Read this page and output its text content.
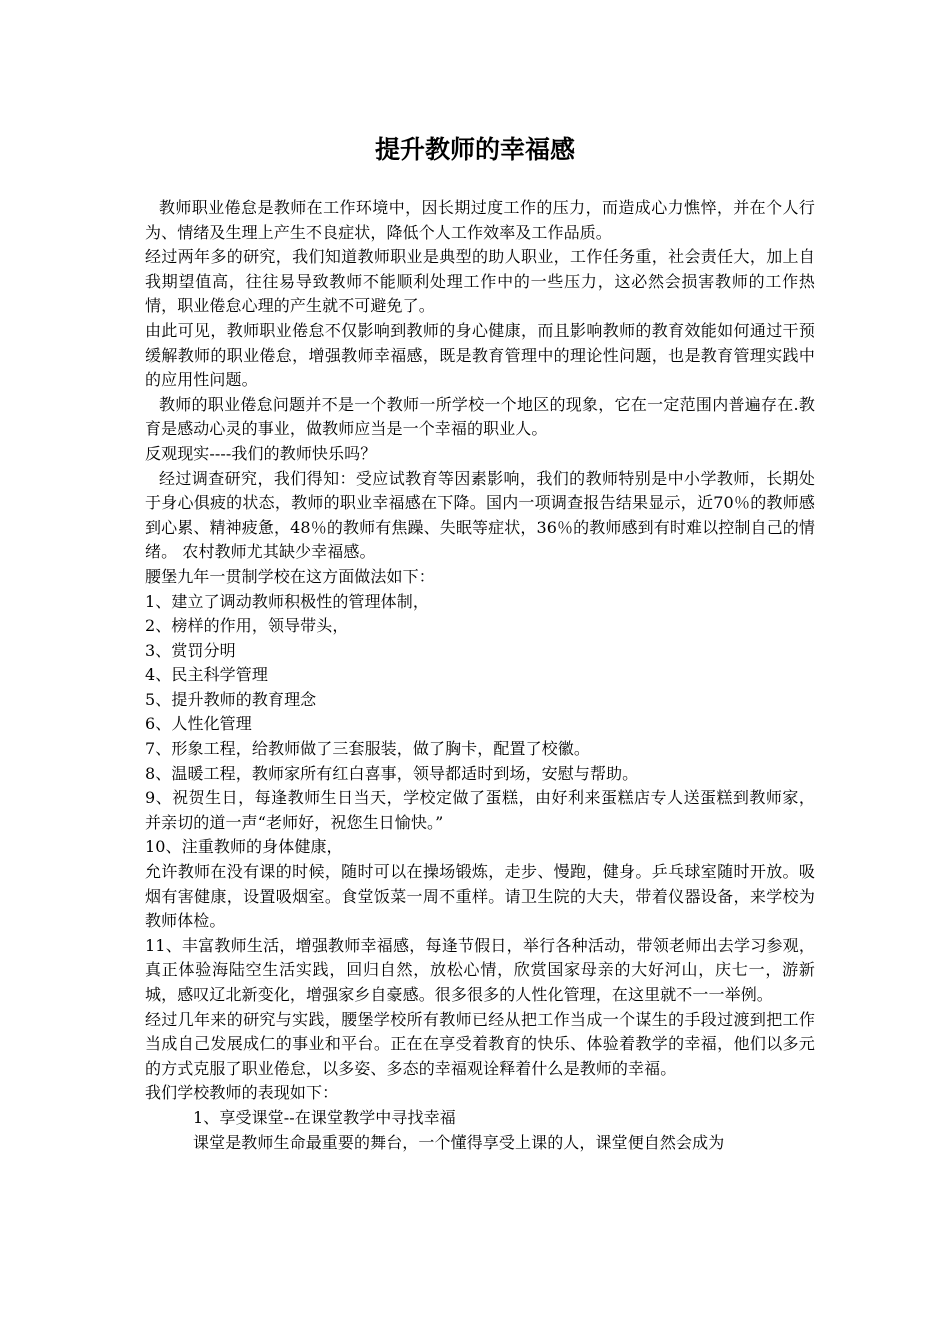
提升教师的幸福感

教师职业倦怠是教师在工作环境中，因长期过度工作的压力，而造成心力憔悴，并在个人行为、情绪及生理上产生不良症状，降低个人工作效率及工作品质。

经过两年多的研究，我们知道教师职业是典型的助人职业，工作任务重，社会责任大，加上自我期望值高，往往易导致教师不能顺利处理工作中的一些压力，这必然会损害教师的工作热情，职业倦怠心理的产生就不可避免了。

由此可见，教师职业倦怠不仅影响到教师的身心健康，而且影响教师的教育效能如何通过干预缓解教师的职业倦怠，增强教师幸福感，既是教育管理中的理论性问题，也是教育管理实践中的应用性问题。

教师的职业倦怠问题并不是一个教师一所学校一个地区的现象，它在一定范围内普遍存在.教育是感动心灵的事业，做教师应当是一个幸福的职业人。

反观现实----我们的教师快乐吗？

经过调查研究，我们得知：受应试教育等因素影响，我们的教师特别是中小学教师，长期处于身心俱疲的状态，教师的职业幸福感在下降。国内一项调查报告结果显示，近70％的教师感到心累、精神疲惫，48％的教师有焦躁、失眠等症状，36％的教师感到有时难以控制自己的情绪。 农村教师尤其缺少幸福感。

腰堡九年一贯制学校在这方面做法如下：

1、建立了调动教师积极性的管理体制，

2、榜样的作用，领导带头，

3、赏罚分明

4、民主科学管理

5、提升教师的教育理念

6、人性化管理

7、形象工程，给教师做了三套服装，做了胸卡，配置了校徽。

8、温暖工程，教师家所有红白喜事，领导都适时到场，安慰与帮助。

9、祝贺生日，每逢教师生日当天，学校定做了蛋糕，由好利来蛋糕店专人送蛋糕到教师家，并亲切的道一声“老师好，祝您生日愉快。”

10、注重教师的身体健康，

允许教师在没有课的时候，随时可以在操场锻炼，走步、慢跑，健身。乒乓球室随时开放。吸烟有害健康，设置吸烟室。食堂饭菜一周不重样。请卫生院的大夫，带着仪器设备，来学校为教师体检。

11、丰富教师生活，增强教师幸福感，每逢节假日，举行各种活动，带领老师出去学习参观，真正体验海陆空生活实践，回归自然，放松心情，欣赏国家母亲的大好河山，庆七一，游新城，感叹辽北新变化，增强家乡自豪感。很多很多的人性化管理，在这里就不一一举例。

经过几年来的研究与实践，腰堡学校所有教师已经从把工作当成一个谋生的手段过渡到把工作当成自己发展成仁的事业和平台。正在在享受着教育的快乐、体验着教学的幸福，他们以多元的方式克服了职业倦怠，以多姿、多态的幸福观诠释着什么是教师的幸福。

我们学校教师的表现如下：

1、享受课堂--在课堂教学中寻找幸福

课堂是教师生命最重要的舞台，一个懂得享受上课的人，课堂便自然会成为
